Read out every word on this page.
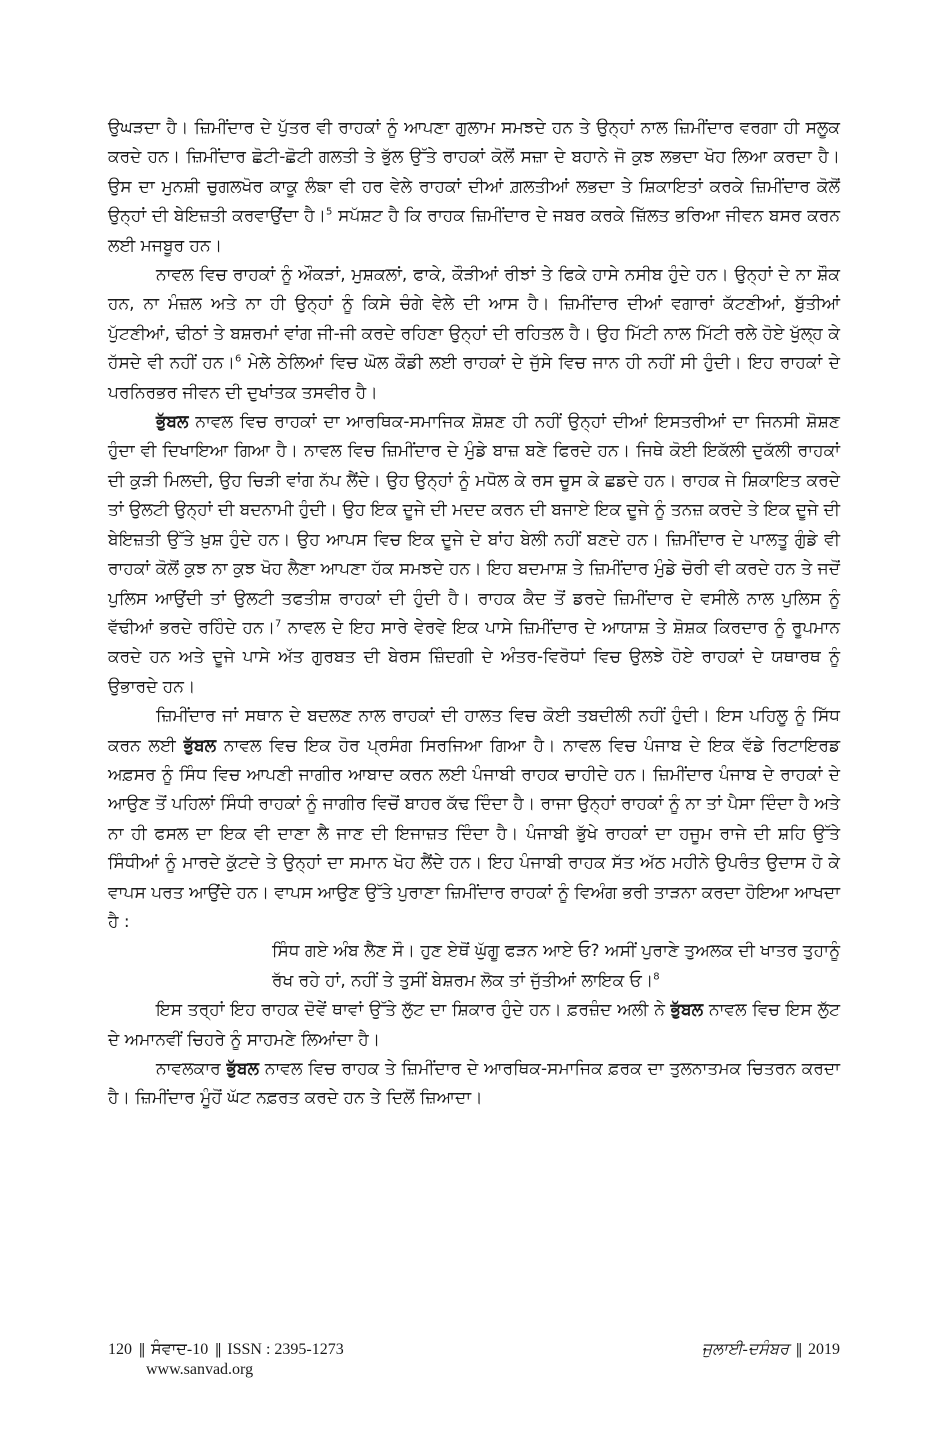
ਉਘੜਦਾ ਹੈ। ਜ਼ਿਮੀਂਦਾਰ ਦੇ ਪੁੱਤਰ ਵੀ ਰਾਹਕਾਂ ਨੂੰ ਆਪਣਾ ਗੁਲਾਮ ਸਮਝਦੇ ਹਨ ਤੇ ਉਨ੍ਹਾਂ ਨਾਲ ਜ਼ਿਮੀਂਦਾਰ ਵਰਗਾ ਹੀ ਸਲੂਕ ਕਰਦੇ ਹਨ। ਜ਼ਿਮੀਂਦਾਰ ਛੋਟੀ-ਛੋਟੀ ਗਲਤੀ ਤੇ ਭੁੱਲ ਉੱਤੇ ਰਾਹਕਾਂ ਕੋਲੋਂ ਸਜ਼ਾ ਦੇ ਬਹਾਨੇ ਜੋ ਕੁਝ ਲਭਦਾ ਖੋਹ ਲਿਆ ਕਰਦਾ ਹੈ। ਉਸ ਦਾ ਮੁਨਸ਼ੀ ਚੁਗਲਖੋਰ ਕਾਕੂ ਲੰਙਾ ਵੀ ਹਰ ਵੇਲੇ ਰਾਹਕਾਂ ਦੀਆਂ ਗ਼ਲਤੀਆਂ ਲਭਦਾ ਤੇ ਸ਼ਿਕਾਇਤਾਂ ਕਰਕੇ ਜ਼ਿਮੀਂਦਾਰ ਕੋਲੋਂ ਉਨ੍ਹਾਂ ਦੀ ਬੇਇਜ਼ਤੀ ਕਰਵਾਉਂਦਾ ਹੈ।$^5$ ਸਪੱਸ਼ਟ ਹੈ ਕਿ ਰਾਹਕ ਜ਼ਿਮੀਂਦਾਰ ਦੇ ਜਬਰ ਕਰਕੇ ਜ਼ਿੱਲਤ ਭਰਿਆ ਜੀਵਨ ਬਸਰ ਕਰਨ ਲਈ ਮਜਬੂਰ ਹਨ।

ਨਾਵਲ ਵਿਚ ਰਾਹਕਾਂ ਨੂੰ ਔਕੜਾਂ, ਮੁਸ਼ਕਲਾਂ, ਫਾਕੇ, ਕੌੜੀਆਂ ਰੀਝਾਂ ਤੇ ਫਿਕੇ ਹਾਸੇ ਨਸੀਬ ਹੁੰਦੇ ਹਨ। ਉਨ੍ਹਾਂ ਦੇ ਨਾ ਸ਼ੌਕ ਹਨ, ਨਾ ਮੰਜ਼ਲ ਅਤੇ ਨਾ ਹੀ ਉਨ੍ਹਾਂ ਨੂੰ ਕਿਸੇ ਚੰਗੇ ਵੇਲੇ ਦੀ ਆਸ ਹੈ। ਜ਼ਿਮੀਂਦਾਰ ਦੀਆਂ ਵਗਾਰਾਂ ਕੱਟਣੀਆਂ, ਬੁੱਤੀਆਂ ਪੁੱਟਣੀਆਂ, ਢੀਠਾਂ ਤੇ ਬਸ਼ਰਮਾਂ ਵਾਂਗ ਜੀ-ਜੀ ਕਰਦੇ ਰਹਿਣਾ ਉਨ੍ਹਾਂ ਦੀ ਰਹਿਤਲ ਹੈ। ਉਹ ਮਿੱਟੀ ਨਾਲ ਮਿੱਟੀ ਰਲੇ ਹੋਏ ਖੁੱਲ੍ਹ ਕੇ ਹੱਸਦੇ ਵੀ ਨਹੀਂ ਹਨ।$^6$ ਮੇਲੇ ਠੇਲਿਆਂ ਵਿਚ ਘੋਲ ਕੌਡੀ ਲਈ ਰਾਹਕਾਂ ਦੇ ਜੁੱਸੇ ਵਿਚ ਜਾਨ ਹੀ ਨਹੀਂ ਸੀ ਹੁੰਦੀ। ਇਹ ਰਾਹਕਾਂ ਦੇ ਪਰਨਿਰਭਰ ਜੀਵਨ ਦੀ ਦੁਖਾਂਤਕ ਤਸਵੀਰ ਹੈ।

ਭੁੱਬਲ ਨਾਵਲ ਵਿਚ ਰਾਹਕਾਂ ਦਾ ਆਰਥਿਕ-ਸਮਾਜਿਕ ਸ਼ੋਸ਼ਣ ਹੀ ਨਹੀਂ ਉਨ੍ਹਾਂ ਦੀਆਂ ਇਸਤਰੀਆਂ ਦਾ ਜਿਨਸੀ ਸ਼ੋਸ਼ਣ ਹੁੰਦਾ ਵੀ ਦਿਖਾਇਆ ਗਿਆ ਹੈ। ਨਾਵਲ ਵਿਚ ਜ਼ਿਮੀਂਦਾਰ ਦੇ ਮੁੰਡੇ ਬਾਜ਼ ਬਣੇ ਫਿਰਦੇ ਹਨ। ਜਿਥੇ ਕੋਈ ਇਕੱਲੀ ਦੁਕੱਲੀ ਰਾਹਕਾਂ ਦੀ ਕੁੜੀ ਮਿਲਦੀ, ਉਹ ਚਿੜੀ ਵਾਂਗ ਨੱਪ ਲੈਂਦੇ। ਉਹ ਉਨ੍ਹਾਂ ਨੂੰ ਮਧੋਲ ਕੇ ਰਸ ਚੂਸ ਕੇ ਛਡਦੇ ਹਨ। ਰਾਹਕ ਜੇ ਸ਼ਿਕਾਇਤ ਕਰਦੇ ਤਾਂ ਉਲਟੀ ਉਨ੍ਹਾਂ ਦੀ ਬਦਨਾਮੀ ਹੁੰਦੀ। ਉਹ ਇਕ ਦੂਜੇ ਦੀ ਮਦਦ ਕਰਨ ਦੀ ਬਜਾਏ ਇਕ ਦੂਜੇ ਨੂੰ ਤਨਜ਼ ਕਰਦੇ ਤੇ ਇਕ ਦੂਜੇ ਦੀ ਬੇਇਜ਼ਤੀ ਉੱਤੇ ਖ਼ੁਸ਼ ਹੁੰਦੇ ਹਨ। ਉਹ ਆਪਸ ਵਿਚ ਇਕ ਦੂਜੇ ਦੇ ਬਾਂਹ ਬੇਲੀ ਨਹੀਂ ਬਣਦੇ ਹਨ। ਜ਼ਿਮੀਂਦਾਰ ਦੇ ਪਾਲਤੂ ਗੁੰਡੇ ਵੀ ਰਾਹਕਾਂ ਕੋਲੋਂ ਕੁਝ ਨਾ ਕੁਝ ਖੋਹ ਲੈਣਾ ਆਪਣਾ ਹੱਕ ਸਮਝਦੇ ਹਨ। ਇਹ ਬਦਮਾਸ਼ ਤੇ ਜ਼ਿਮੀਂਦਾਰ ਮੁੰਡੇ ਚੋਰੀ ਵੀ ਕਰਦੇ ਹਨ ਤੇ ਜਦੋਂ ਪੁਲਿਸ ਆਉਂਦੀ ਤਾਂ ਉਲਟੀ ਤਫਤੀਸ਼ ਰਾਹਕਾਂ ਦੀ ਹੁੰਦੀ ਹੈ। ਰਾਹਕ ਕੈਦ ਤੋਂ ਡਰਦੇ ਜ਼ਿਮੀਂਦਾਰ ਦੇ ਵਸੀਲੇ ਨਾਲ ਪੁਲਿਸ ਨੂੰ ਵੱਢੀਆਂ ਭਰਦੇ ਰਹਿੰਦੇ ਹਨ।$^7$ ਨਾਵਲ ਦੇ ਇਹ ਸਾਰੇ ਵੇਰਵੇ ਇਕ ਪਾਸੇ ਜ਼ਿਮੀਂਦਾਰ ਦੇ ਆਯਾਸ਼ ਤੇ ਸ਼ੋਸ਼ਕ ਕਿਰਦਾਰ ਨੂੰ ਰੂਪਮਾਨ ਕਰਦੇ ਹਨ ਅਤੇ ਦੂਜੇ ਪਾਸੇ ਅੱਤ ਗੁਰਬਤ ਦੀ ਬੇਰਸ ਜ਼ਿੰਦਗੀ ਦੇ ਅੰਤਰ-ਵਿਰੋਧਾਂ ਵਿਚ ਉਲਝੇ ਹੋਏ ਰਾਹਕਾਂ ਦੇ ਯਥਾਰਥ ਨੂੰ ਉਭਾਰਦੇ ਹਨ।

ਜ਼ਿਮੀਂਦਾਰ ਜਾਂ ਸਥਾਨ ਦੇ ਬਦਲਣ ਨਾਲ ਰਾਹਕਾਂ ਦੀ ਹਾਲਤ ਵਿਚ ਕੋਈ ਤਬਦੀਲੀ ਨਹੀਂ ਹੁੰਦੀ। ਇਸ ਪਹਿਲੂ ਨੂੰ ਸਿੱਧ ਕਰਨ ਲਈ ਭੁੱਬਲ ਨਾਵਲ ਵਿਚ ਇਕ ਹੋਰ ਪ੍ਰਸੰਗ ਸਿਰਜਿਆ ਗਿਆ ਹੈ। ਨਾਵਲ ਵਿਚ ਪੰਜਾਬ ਦੇ ਇਕ ਵੱਡੇ ਰਿਟਾਇਰਡ ਅਫ਼ਸਰ ਨੂੰ ਸਿੰਧ ਵਿਚ ਆਪਣੀ ਜਾਗੀਰ ਆਬਾਦ ਕਰਨ ਲਈ ਪੰਜਾਬੀ ਰਾਹਕ ਚਾਹੀਦੇ ਹਨ। ਜ਼ਿਮੀਂਦਾਰ ਪੰਜਾਬ ਦੇ ਰਾਹਕਾਂ ਦੇ ਆਉਣ ਤੋਂ ਪਹਿਲਾਂ ਸਿੰਧੀ ਰਾਹਕਾਂ ਨੂੰ ਜਾਗੀਰ ਵਿਚੋਂ ਬਾਹਰ ਕੱਢ ਦਿੰਦਾ ਹੈ। ਰਾਜਾ ਉਨ੍ਹਾਂ ਰਾਹਕਾਂ ਨੂੰ ਨਾ ਤਾਂ ਪੈਸਾ ਦਿੰਦਾ ਹੈ ਅਤੇ ਨਾ ਹੀ ਫਸਲ ਦਾ ਇਕ ਵੀ ਦਾਣਾ ਲੈ ਜਾਣ ਦੀ ਇਜਾਜ਼ਤ ਦਿੰਦਾ ਹੈ। ਪੰਜਾਬੀ ਭੁੱਖੇ ਰਾਹਕਾਂ ਦਾ ਹਜੂਮ ਰਾਜੇ ਦੀ ਸ਼ਹਿ ਉੱਤੇ ਸਿੰਧੀਆਂ ਨੂੰ ਮਾਰਦੇ ਕੁੱਟਦੇ ਤੇ ਉਨ੍ਹਾਂ ਦਾ ਸਮਾਨ ਖੋਹ ਲੈਂਦੇ ਹਨ। ਇਹ ਪੰਜਾਬੀ ਰਾਹਕ ਸੱਤ ਅੱਠ ਮਹੀਨੇ ਉਪਰੰਤ ਉਦਾਸ ਹੋ ਕੇ ਵਾਪਸ ਪਰਤ ਆਉਂਦੇ ਹਨ। ਵਾਪਸ ਆਉਣ ਉੱਤੇ ਪੁਰਾਣਾ ਜ਼ਿਮੀਂਦਾਰ ਰਾਹਕਾਂ ਨੂੰ ਵਿਅੰਗ ਭਰੀ ਤਾੜਨਾ ਕਰਦਾ ਹੋਇਆ ਆਖਦਾ ਹੈ :

ਸਿੰਧ ਗਏ ਅੰਬ ਲੈਣ ਸੌ। ਹੁਣ ਏਥੋਂ ਘੁੱਗੂ ਫੜਨ ਆਏ ਓ? ਅਸੀਂ ਪੁਰਾਣੇ ਤੁਅਲਕ ਦੀ ਖਾਤਰ ਤੁਹਾਨੂੰ ਰੱਖ ਰਹੇ ਹਾਂ, ਨਹੀਂ ਤੇ ਤੁਸੀਂ ਬੇਸ਼ਰਮ ਲੋਕ ਤਾਂ ਜੁੱਤੀਆਂ ਲਾਇਕ ਓ।$^8$

ਇਸ ਤਰ੍ਹਾਂ ਇਹ ਰਾਹਕ ਦੋਵੇਂ ਥਾਵਾਂ ਉੱਤੇ ਲੁੱਟ ਦਾ ਸ਼ਿਕਾਰ ਹੁੰਦੇ ਹਨ। ਫ਼ਰਜ਼ੰਦ ਅਲੀ ਨੇ ਭੁੱਬਲ ਨਾਵਲ ਵਿਚ ਇਸ ਲੁੱਟ ਦੇ ਅਮਾਨਵੀਂ ਚਿਹਰੇ ਨੂੰ ਸਾਹਮਣੇ ਲਿਆਂਦਾ ਹੈ।

ਨਾਵਲਕਾਰ ਭੁੱਬਲ ਨਾਵਲ ਵਿਚ ਰਾਹਕ ਤੇ ਜ਼ਿਮੀਂਦਾਰ ਦੇ ਆਰਥਿਕ-ਸਮਾਜਿਕ ਫ਼ਰਕ ਦਾ ਤੁਲਨਾਤਮਕ ਚਿਤਰਨ ਕਰਦਾ ਹੈ। ਜ਼ਿਮੀਂਦਾਰ ਮੂੰਹੋਂ ਘੱਟ ਨਫ਼ਰਤ ਕਰਦੇ ਹਨ ਤੇ ਦਿਲੋਂ ਜ਼ਿਆਦਾ।

120 || ਸੰਵਾਦ-10 || ISSN : 2395-1273	ਜੁਲਾਈ-ਦਸੰਬਰ || 2019
www.sanvad.org
